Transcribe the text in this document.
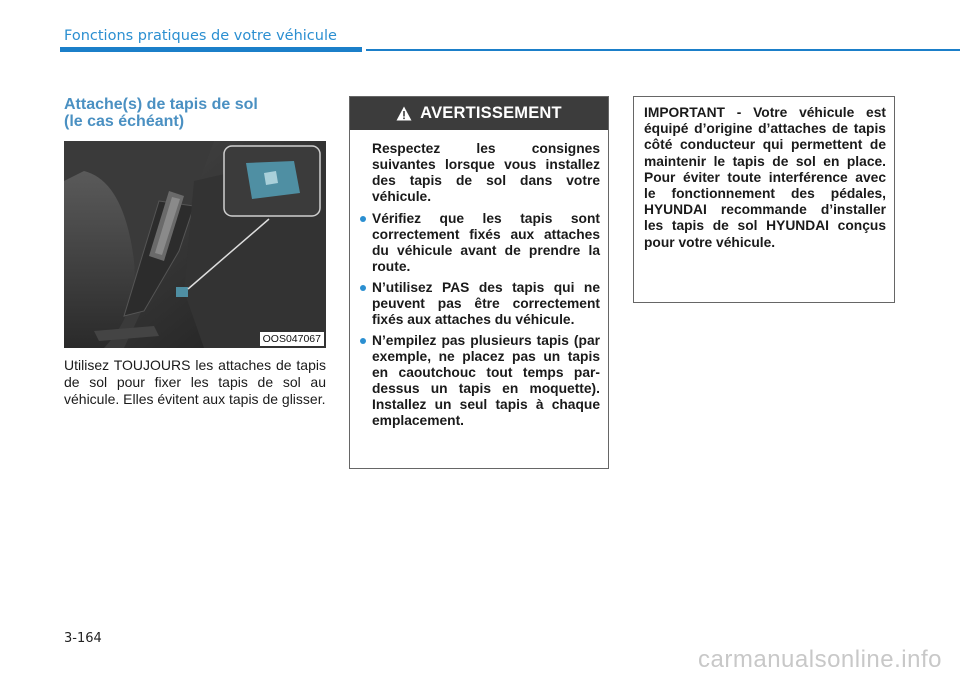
Fonctions pratiques de votre véhicule
Attache(s) de tapis de sol
(le cas échéant)
OOS047067
Utilisez TOUJOURS les attaches de tapis de sol pour fixer les tapis de sol au véhicule. Elles évitent aux tapis de glisser.
AVERTISSEMENT

Respectez les consignes suivantes lorsque vous installez des tapis de sol dans votre véhicule.

Vérifiez que les tapis sont correctement fixés aux attaches du véhicule avant de prendre la route.
N’utilisez PAS des tapis qui ne peuvent pas être correctement fixés aux attaches du véhicule.
N’empilez pas plusieurs tapis (par exemple, ne placez pas un tapis en caoutchouc tout temps par-dessus un tapis en moquette). Installez un seul tapis à chaque emplacement.

IMPORTANT - Votre véhicule est équipé d’origine d’attaches de tapis côté conducteur qui permettent de maintenir le tapis de sol en place. Pour éviter toute interférence avec le fonctionnement des pédales, HYUNDAI recommande d’installer les tapis de sol HYUNDAI conçus pour votre véhicule.

3-164
carmanualsonline.info
